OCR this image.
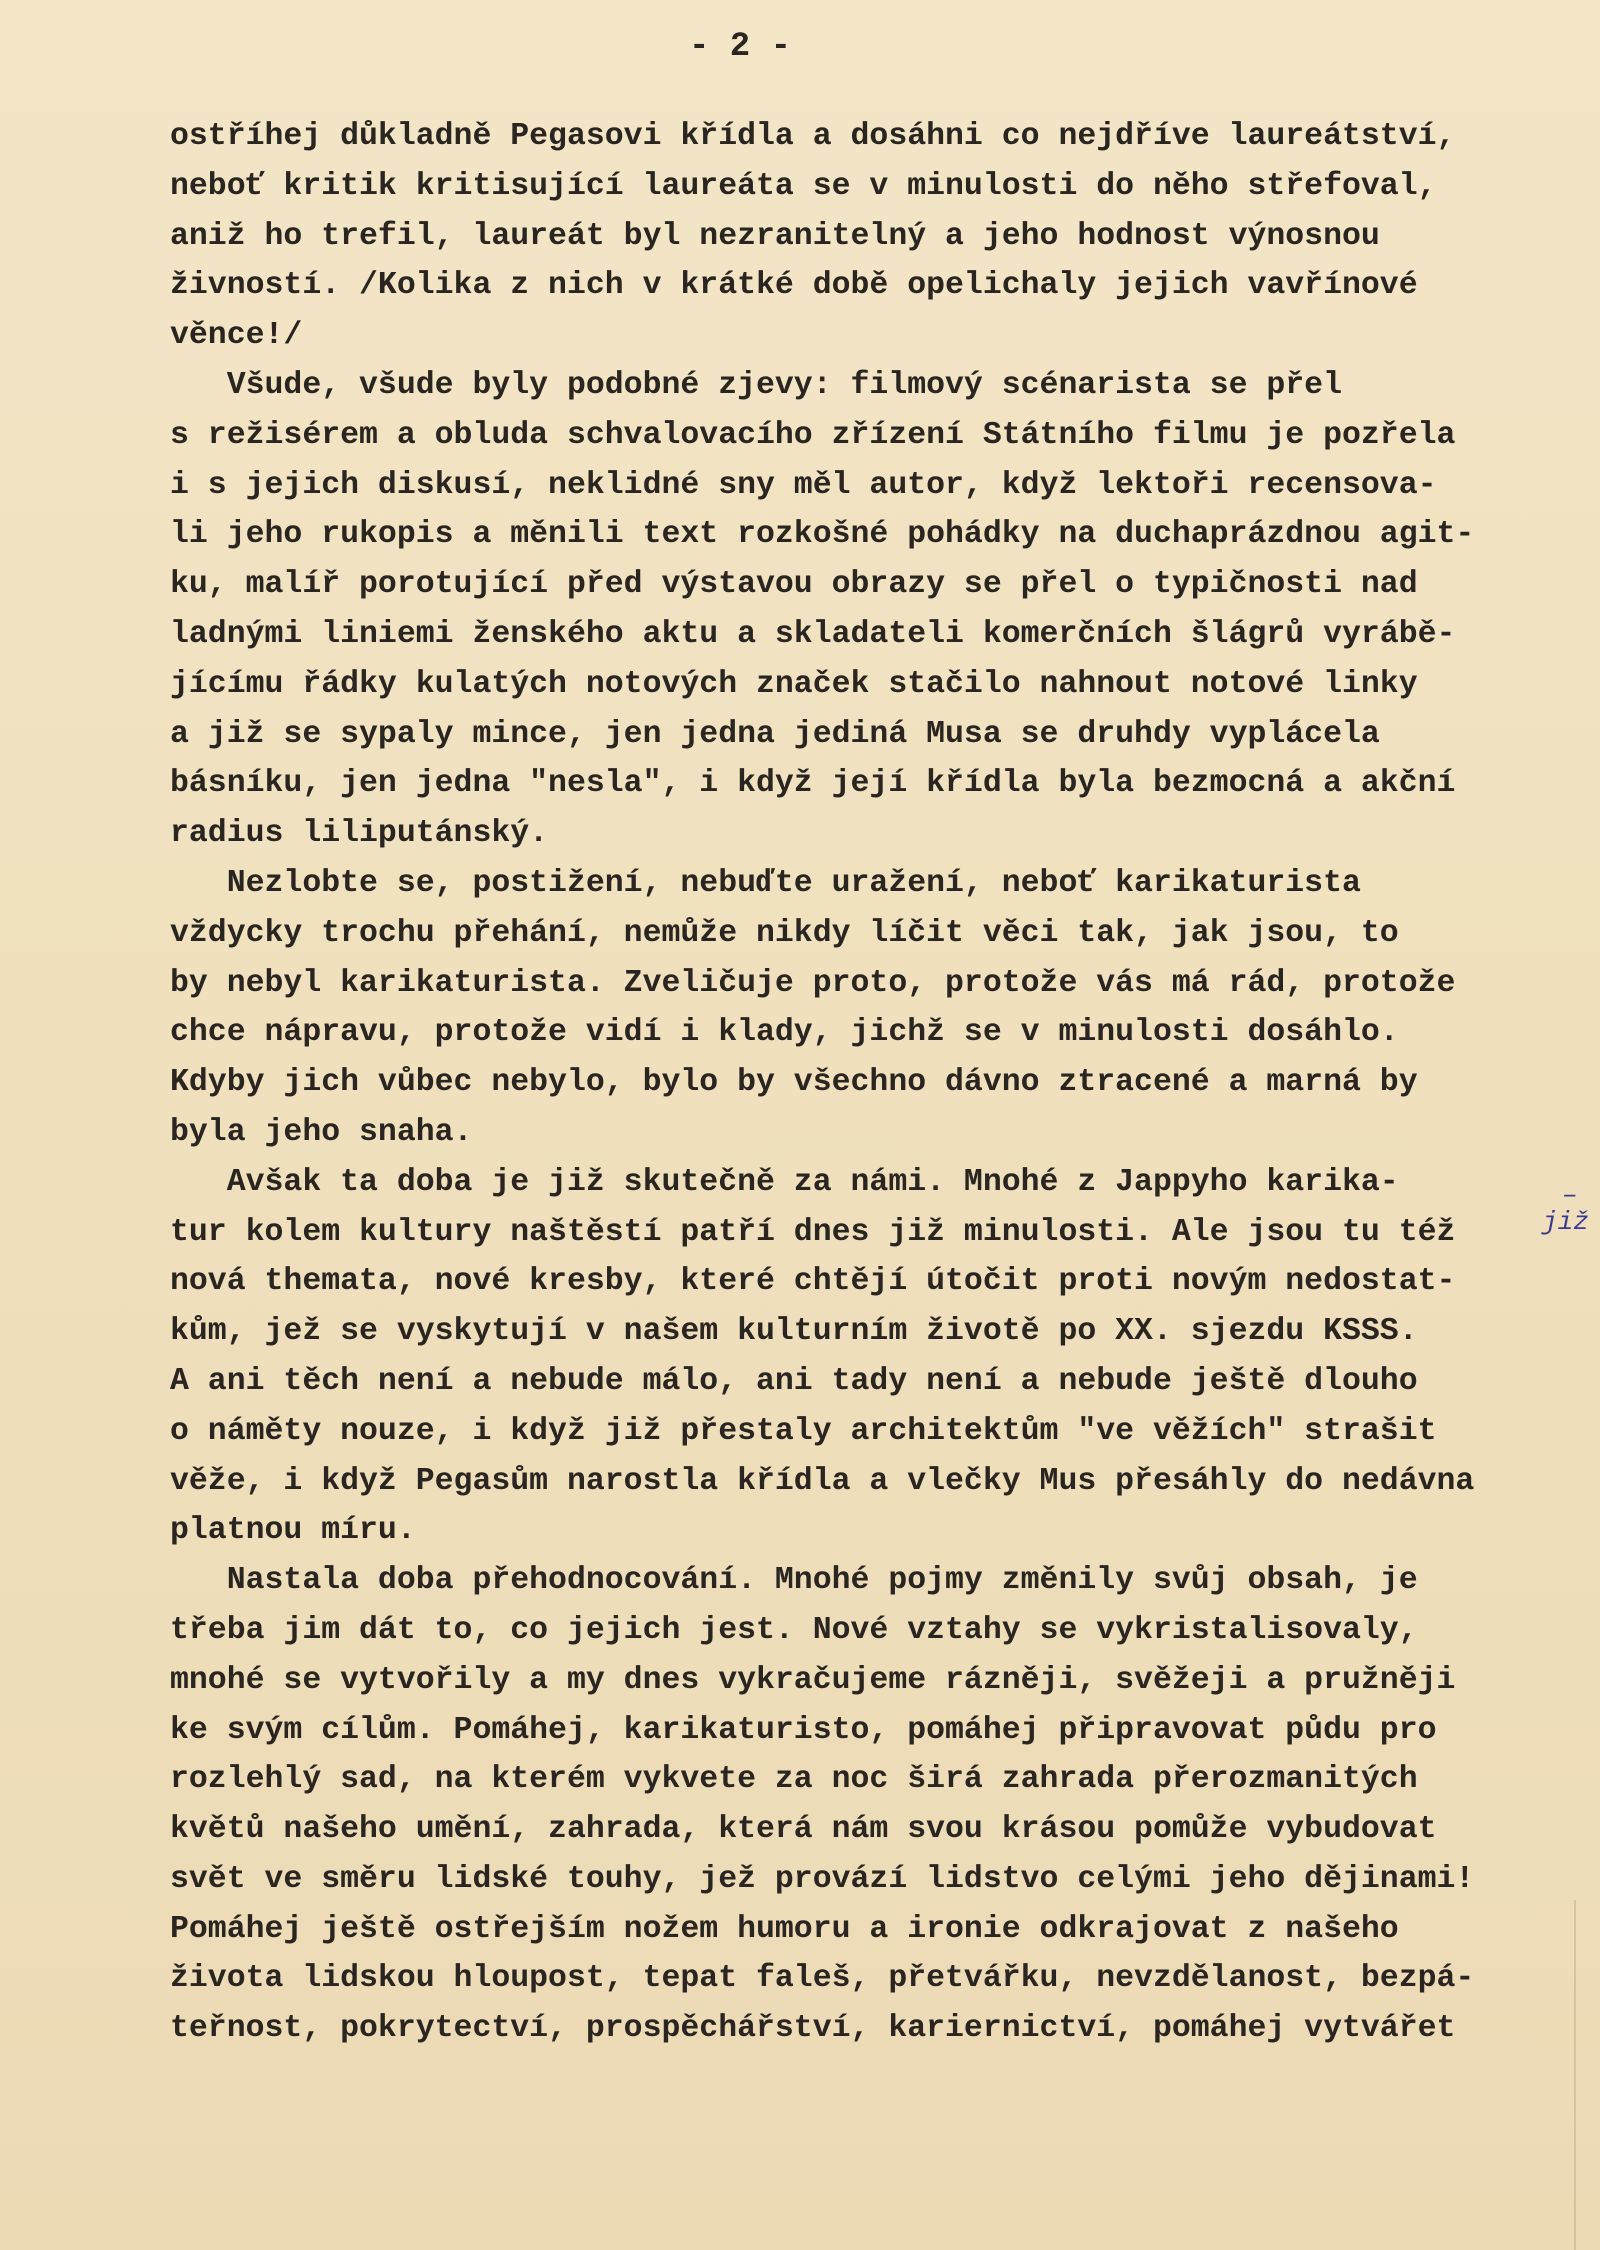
- 2 -
ostříhej důkladně Pegasovi křídla a dosáhni co nejdříve laureátství,
neboť kritik kritisující laureáta se v minulosti do něho střefoval,
aniž ho trefil, laureát byl nezranitelný a jeho hodnost výnosnou
živností. /Kolika z nich v krátké době opelichaly jejich vavřínové
věnce!/
Všude, všude byly podobné zjevy: filmový scénarista se přel
s režisérem a obluda schvalovacího zřízení Státního filmu je pozřela
i s jejich diskusí, neklidné sny měl autor, když lektoři recensova-
li jeho rukopis a měnili text rozkošné pohádky na duchaprázdnou agit-
ku, malíř porotující před výstavou obrazy se přel o typičnosti nad
ladnými liniemi ženského aktu a skladateli komerčních šlágrů vyrábě-
jícímu řádky kulatých notových značek stačilo nahnout notové linky
a již se sypaly mince, jen jedna jediná Musa se druhdy vyplácela
básníku, jen jedna "nesla", i když její křídla byla bezmocná a akční
radius liliputánský.
Nezlobte se, postižení, nebuďte uražení, neboť karikaturista
vždycky trochu přehání, nemůže nikdy líčit věci tak, jak jsou, to
by nebyl karikaturista. Zveličuje proto, protože vás má rád, protože
chce nápravu, protože vidí i klady, jichž se v minulosti dosáhlo.
Kdyby jich vůbec nebylo, bylo by všechno dávno ztracené a marná by
byla jeho snaha.
Avšak ta doba je již skutečně za námi. Mnohé z Jappyho karika-
tur kolem kultury naštěstí patří dnes již minulosti. Ale jsou tu též
nová themata, nové kresby, které chtějí útočit proti novým nedostat-
kům, jež se vyskytují v našem kulturním životě po XX. sjezdu KSSS.
A ani těch není a nebude málo, ani tady není a nebude ještě dlouho
o náměty nouze, i když již přestaly architektům "ve věžích" strašit
věže, i když Pegasům narostla křídla a vlečky Mus přesáhly do nedávna
platnou míru.
Nastala doba přehodnocování. Mnohé pojmy změnily svůj obsah, je
třeba jim dát to, co jejich jest. Nové vztahy se vykristalisovaly,
mnohé se vytvořily a my dnes vykračujeme rázněji, svěžeji a pružněji
ke svým cílům. Pomáhej, karikaturisto, pomáhej připravovat půdu pro
rozlehlý sad, na kterém vykvete za noc širá zahrada přerozmanitých
květů našeho umění, zahrada, která nám svou krásou pomůže vybudovat
svět ve směru lidské touhy, jež provází lidstvo celými jeho dějinami!
Pomáhej ještě ostřejším nožem humoru a ironie odkrajovat z našeho
života lidskou hloupost, tepat faleš, přetvářku, nevzdělanost, bezpá-
teřnost, pokrytectví, prospěchářství, kariernictví, pomáhej vytvářet
–
již
